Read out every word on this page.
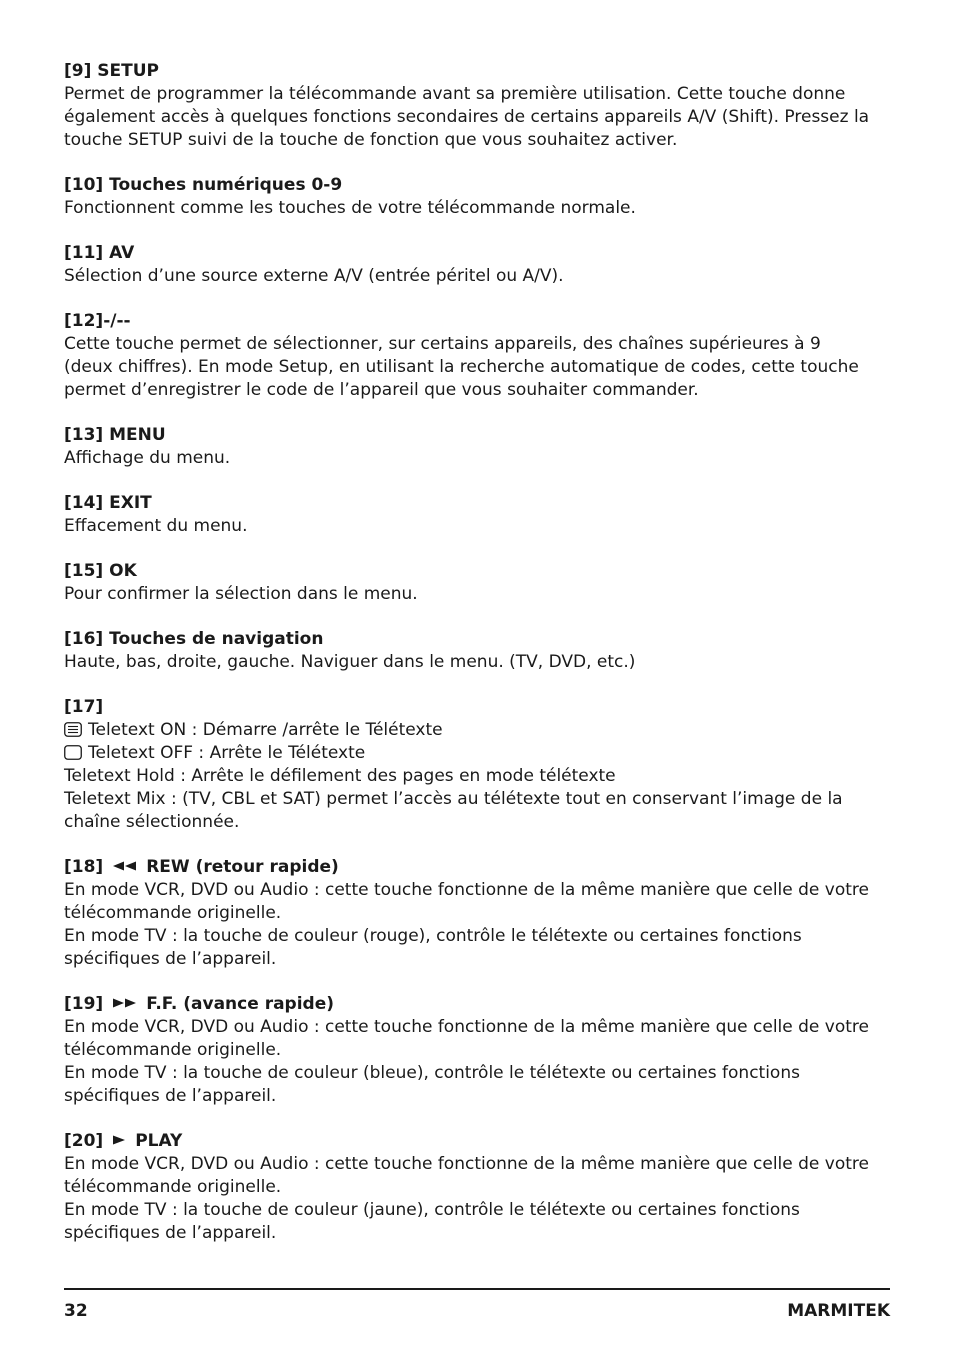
[9] SETUP

Permet de programmer la télécommande avant sa première utilisation. Cette touche donne également accès à quelques fonctions secondaires de certains appareils A/V (Shift). Pressez la touche SETUP suivi de la touche de fonction que vous souhaitez activer.

[10] Touches numériques 0-9

Fonctionnent comme les touches de votre télécommande normale.

[11] AV

Sélection d’une source externe A/V (entrée péritel ou A/V).

[12]-/--

Cette touche permet de sélectionner, sur certains appareils, des chaînes supérieures à 9 (deux chiffres). En mode Setup, en utilisant la recherche automatique de codes, cette touche permet d’enregistrer le code de l’appareil que vous souhaiter commander.

[13] MENU

Affichage du menu.

[14] EXIT

Effacement du menu.

[15] OK

Pour confirmer la sélection dans le menu.

[16] Touches de navigation

Haute, bas, droite, gauche. Naviguer dans le menu. (TV, DVD, etc.)

[17]

Teletext ON : Démarre /arrête le Télétexte

Teletext OFF : Arrête le Télétexte

Teletext Hold : Arrête le défilement des pages en mode télétexte

Teletext Mix : (TV, CBL et SAT) permet l’accès au télétexte tout en conservant l’image de la chaîne sélectionnée.

[18]	REW (retour rapide)

En mode VCR, DVD ou Audio : cette touche fonctionne de la même manière que celle de votre télécommande originelle.

En mode TV : la touche de couleur (rouge), contrôle le télétexte ou certaines fonctions spécifiques de l’appareil.

[19]	F.F. (avance rapide)

En mode VCR, DVD ou Audio : cette touche fonctionne de la même manière que celle de votre télécommande originelle.

En mode TV : la touche de couleur (bleue), contrôle le télétexte ou certaines fonctions spécifiques de l’appareil.

[20] PLAY

En mode VCR, DVD ou Audio : cette touche fonctionne de la même manière que celle de votre télécommande originelle.

En mode TV : la touche de couleur (jaune), contrôle le télétexte ou certaines fonctions spécifiques de l’appareil.

32	MARMITEK
